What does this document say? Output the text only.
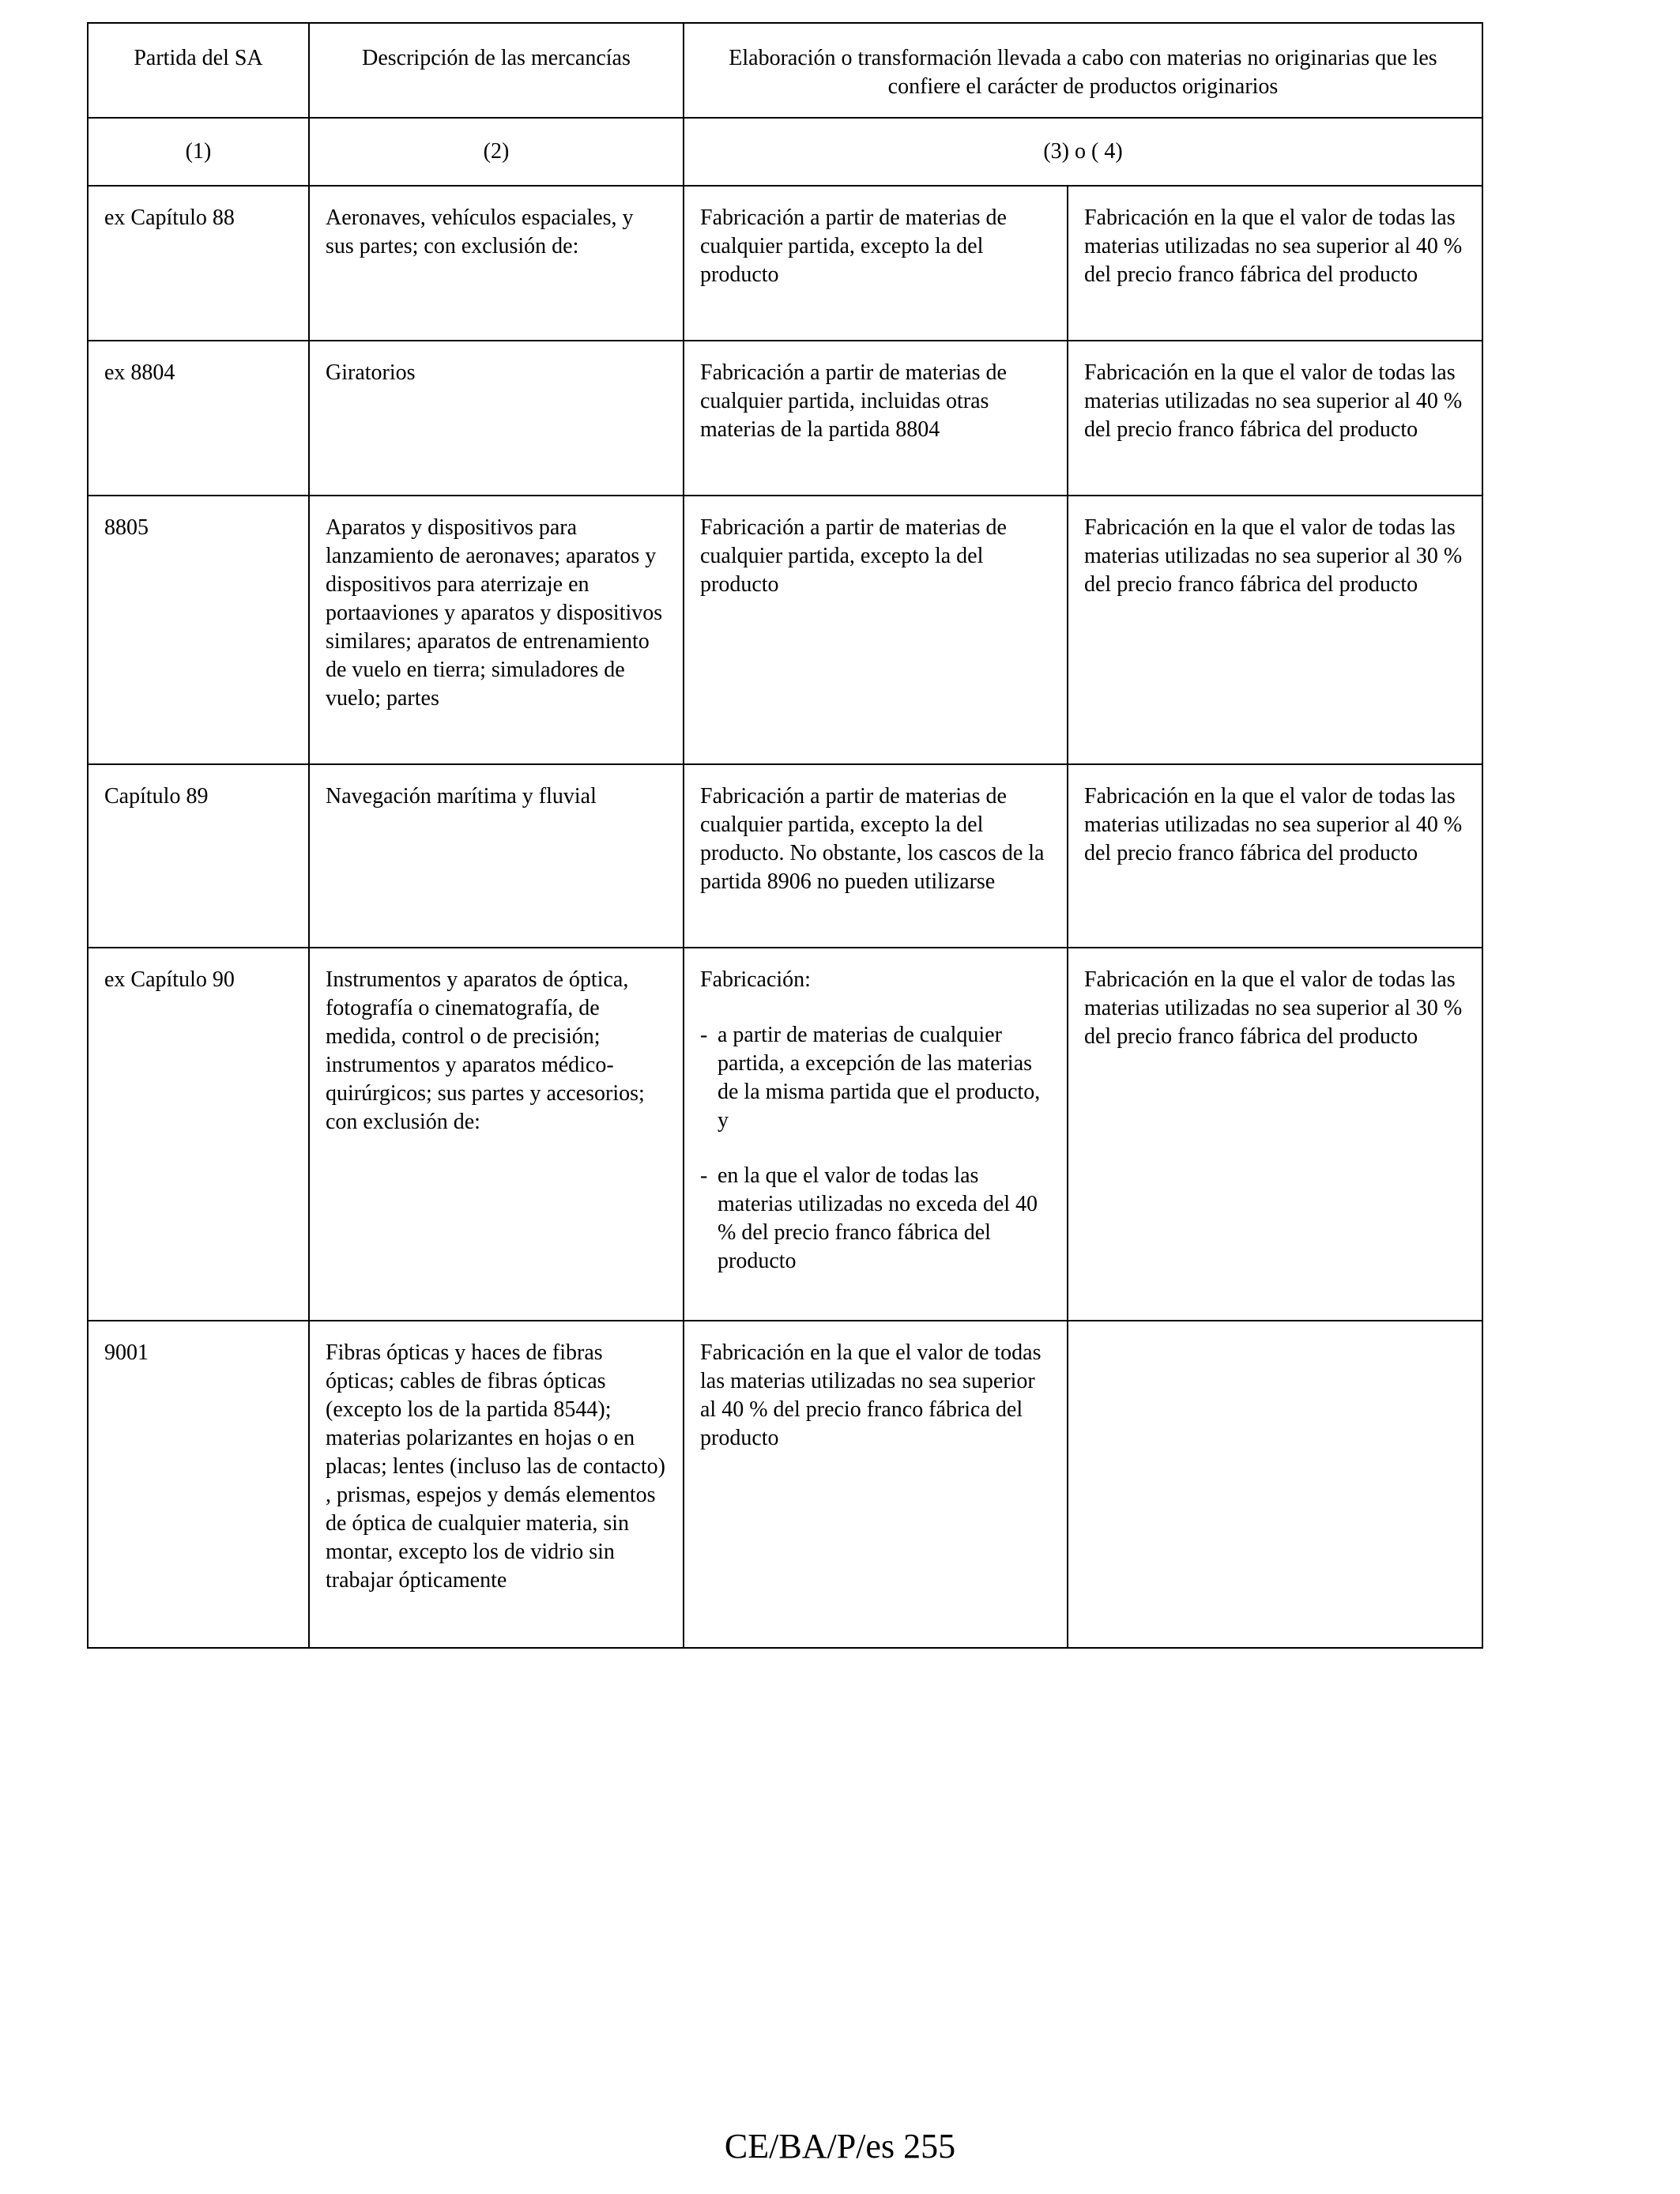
Partida del SA	Descripción de las mercancías	Elaboración o transformación llevada a cabo con materias no originarias que les confiere el carácter de productos originarios	
(1)	(2)	(3) o ( 4)	
ex Capítulo 88	Aeronaves, vehículos espaciales, y sus partes; con exclusión de:	Fabricación a partir de materias de cualquier partida, excepto la del producto	Fabricación en la que el valor de todas las materias utilizadas no sea superior al 40 % del precio franco fábrica del producto
ex 8804	Giratorios	Fabricación a partir de materias de cualquier partida, incluidas otras materias de la partida 8804	Fabricación en la que el valor de todas las materias utilizadas no sea superior al 40 % del precio franco fábrica del producto
8805	Aparatos y dispositivos para lanzamiento de aeronaves; aparatos y dispositivos para aterrizaje en portaaviones y aparatos y dispositivos similares; aparatos de entrenamiento de vuelo en tierra; simuladores de vuelo; partes	Fabricación a partir de materias de cualquier partida, excepto la del producto	Fabricación en la que el valor de todas las materias utilizadas no sea superior al 30 % del precio franco fábrica del producto
Capítulo 89	Navegación marítima y fluvial	Fabricación a partir de materias de cualquier partida, excepto la del producto. No obstante, los cascos de la partida 8906 no pueden utilizarse	Fabricación en la que el valor de todas las materias utilizadas no sea superior al 40 % del precio franco fábrica del producto
ex Capítulo 90	Instrumentos y aparatos de óptica, fotografía o cinematografía, de medida, control o de precisión; instrumentos y aparatos médico-quirúrgicos; sus partes y accesorios; con exclusión de:	Fabricación:
- a partir de materias de cualquier partida, a excepción de las materias de la misma partida que el producto, y
- en la que el valor de todas las materias utilizadas no exceda del 40 % del precio franco fábrica del producto	Fabricación en la que el valor de todas las materias utilizadas no sea superior al 30 % del precio franco fábrica del producto
9001	Fibras ópticas y haces de fibras ópticas; cables de fibras ópticas (excepto los de la partida 8544); materias polarizantes en hojas o en placas; lentes (incluso las de contacto) , prismas, espejos y demás elementos de óptica de cualquier materia, sin montar, excepto los de vidrio sin trabajar ópticamente	Fabricación en la que el valor de todas las materias utilizadas no sea superior al 40 % del precio franco fábrica del producto	
CE/BA/P/es 255
